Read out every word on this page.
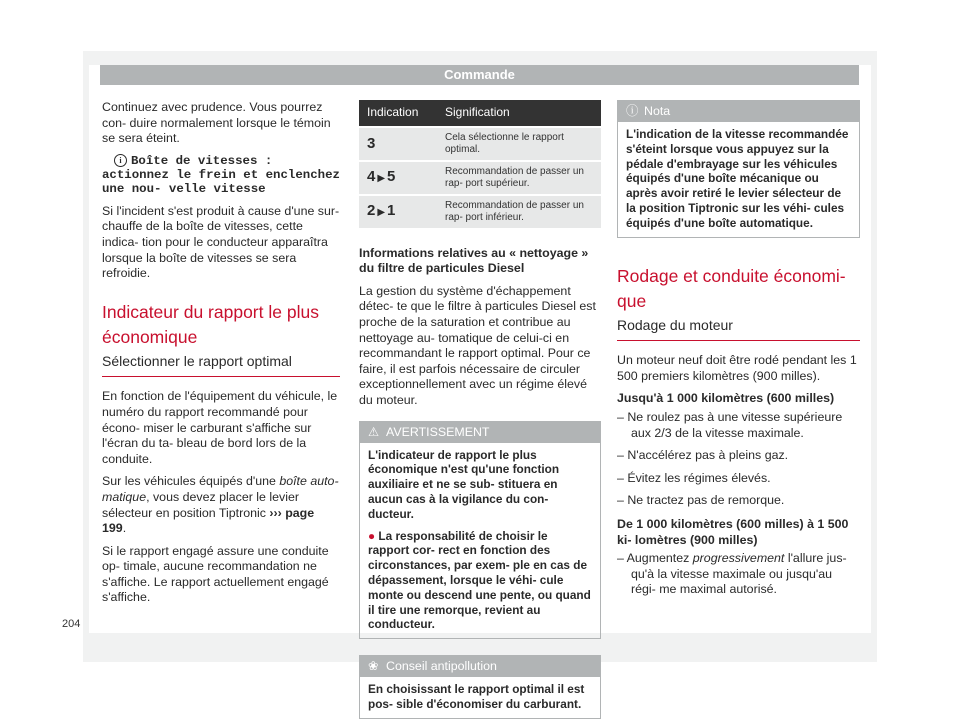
Commande

Continuez avec prudence. Vous pourrez con- duire normalement lorsque le témoin se sera éteint.

i Boîte de vitesses : actionnez le frein et enclenchez une nou- velle vitesse

Si l'incident s'est produit à cause d'une sur- chauffe de la boîte de vitesses, cette indica- tion pour le conducteur apparaîtra lorsque la boîte de vitesses se sera refroidie.

Indicateur du rapport le plus économique
Sélectionner le rapport optimal

En fonction de l'équipement du véhicule, le numéro du rapport recommandé pour écono- miser le carburant s'affiche sur l'écran du ta- bleau de bord lors de la conduite.

Sur les véhicules équipés d'une boîte auto- matique, vous devez placer le levier sélecteur en position Tiptronic ››› page 199.

Si le rapport engagé assure une conduite op- timale, aucune recommandation ne s'affiche. Le rapport actuellement engagé s'affiche.

Indication	Signification
3	Cela sélectionne le rapport optimal.
4 ▶ 5	Recommandation de passer un rap- port supérieur.
2 ▶ 1	Recommandation de passer un rap- port inférieur.

Informations relatives au « nettoyage » du filtre de particules Diesel

La gestion du système d'échappement détec- te que le filtre à particules Diesel est proche de la saturation et contribue au nettoyage au- tomatique de celui-ci en recommandant le rapport optimal. Pour ce faire, il est parfois nécessaire de circuler exceptionnellement avec un régime élevé du moteur.

⚠ AVERTISSEMENT

L'indicateur de rapport le plus économique n'est qu'une fonction auxiliaire et ne se sub- stituera en aucun cas à la vigilance du con- ducteur.

● La responsabilité de choisir le rapport cor- rect en fonction des circonstances, par exem- ple en cas de dépassement, lorsque le véhi- cule monte ou descend une pente, ou quand il tire une remorque, revient au conducteur.

❀ Conseil antipollution
En choisissant le rapport optimal il est pos- sible d'économiser du carburant.
ⓘ Nota
L'indication de la vitesse recommandée s'éteint lorsque vous appuyez sur la pédale d'embrayage sur les véhicules équipés d'une boîte mécanique ou après avoir retiré le levier sélecteur de la position Tiptronic sur les véhi- cules équipés d'une boîte automatique.
Rodage et conduite économi- que
Rodage du moteur

Un moteur neuf doit être rodé pendant les 1 500 premiers kilomètres (900 milles).

Jusqu'à 1 000 kilomètres (600 milles)

– Ne roulez pas à une vitesse supérieure aux 2/3 de la vitesse maximale.
– N'accélérez pas à pleins gaz.
– Évitez les régimes élevés.
– Ne tractez pas de remorque.

De 1 000 kilomètres (600 milles) à 1 500 ki- lomètres (900 milles)

– Augmentez progressivement l'allure jus- qu'à la vitesse maximale ou jusqu'au régi- me maximal autorisé.
204
